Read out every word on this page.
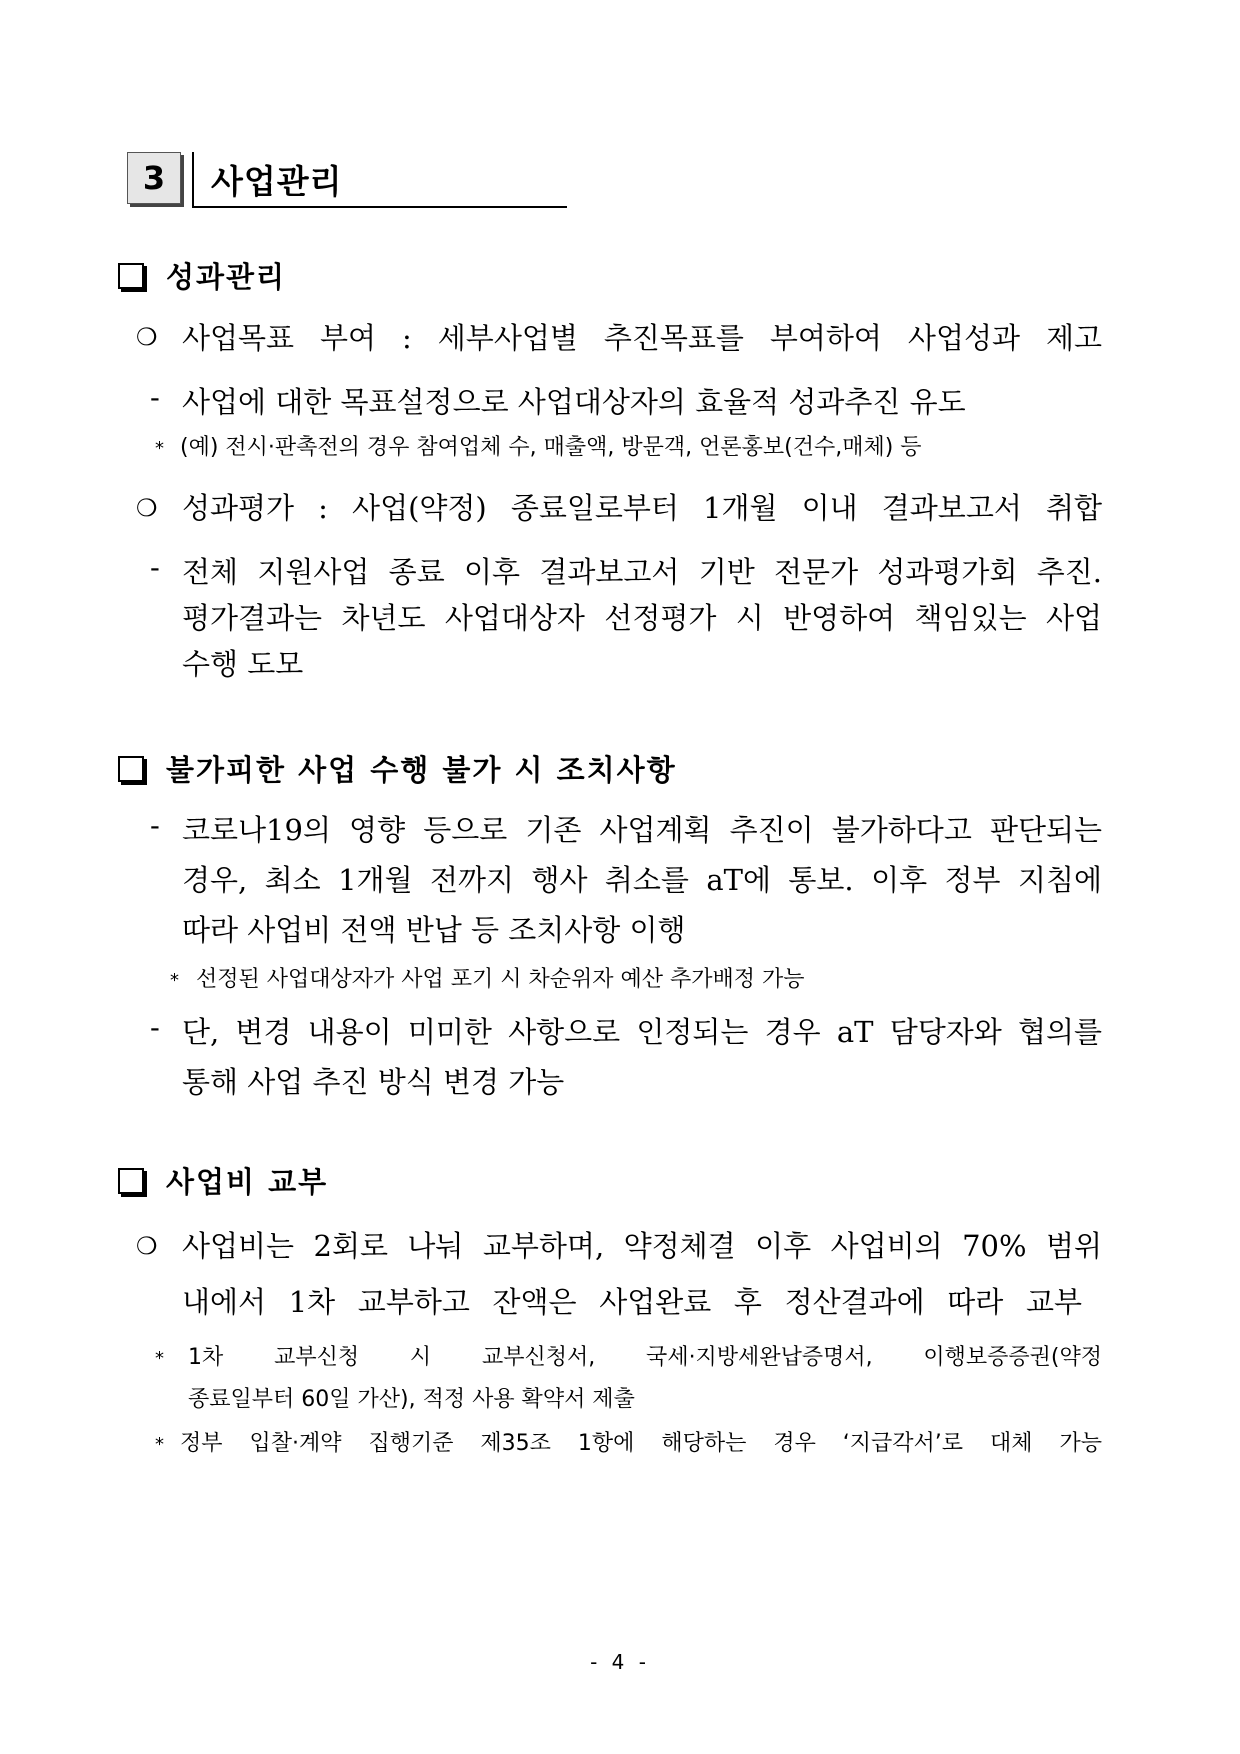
3	사업관리
성과관리
❍ 사업목표 부여 : 세부사업별 추진목표를 부여하여 사업성과 제고
- 사업에 대한 목표설정으로 사업대상자의 효율적 성과추진 유도
* (예) 전시·판촉전의 경우 참여업체 수, 매출액, 방문객, 언론홍보(건수,매체) 등
❍ 성과평가 : 사업(약정) 종료일로부터 1개월 이내 결과보고서 취합
- 전체 지원사업 종료 이후 결과보고서 기반 전문가 성과평가회 추진.
평가결과는 차년도 사업대상자 선정평가 시 반영하여 책임있는 사업
수행 도모
불가피한 사업 수행 불가 시 조치사항
- 코로나19의 영향 등으로 기존 사업계획 추진이 불가하다고 판단되는
경우, 최소 1개월 전까지 행사 취소를 aT에 통보. 이후 정부 지침에
따라 사업비 전액 반납 등 조치사항 이행
* 선정된 사업대상자가 사업 포기 시 차순위자 예산 추가배정 가능
- 단, 변경 내용이 미미한 사항으로 인정되는 경우 aT 담당자와 협의를
통해 사업 추진 방식 변경 가능
사업비 교부
❍ 사업비는 2회로 나눠 교부하며, 약정체결 이후 사업비의 70% 범위
내에서 1차 교부하고 잔액은 사업완료 후 정산결과에 따라 교부
* 1차 교부신청 시 교부신청서, 국세·지방세완납증명서, 이행보증증권(약정
종료일부터 60일 가산), 적정 사용 확약서 제출
* 정부 입찰·계약 집행기준 제35조 1항에 해당하는 경우 ‘지급각서’로 대체 가능
- 4 -
